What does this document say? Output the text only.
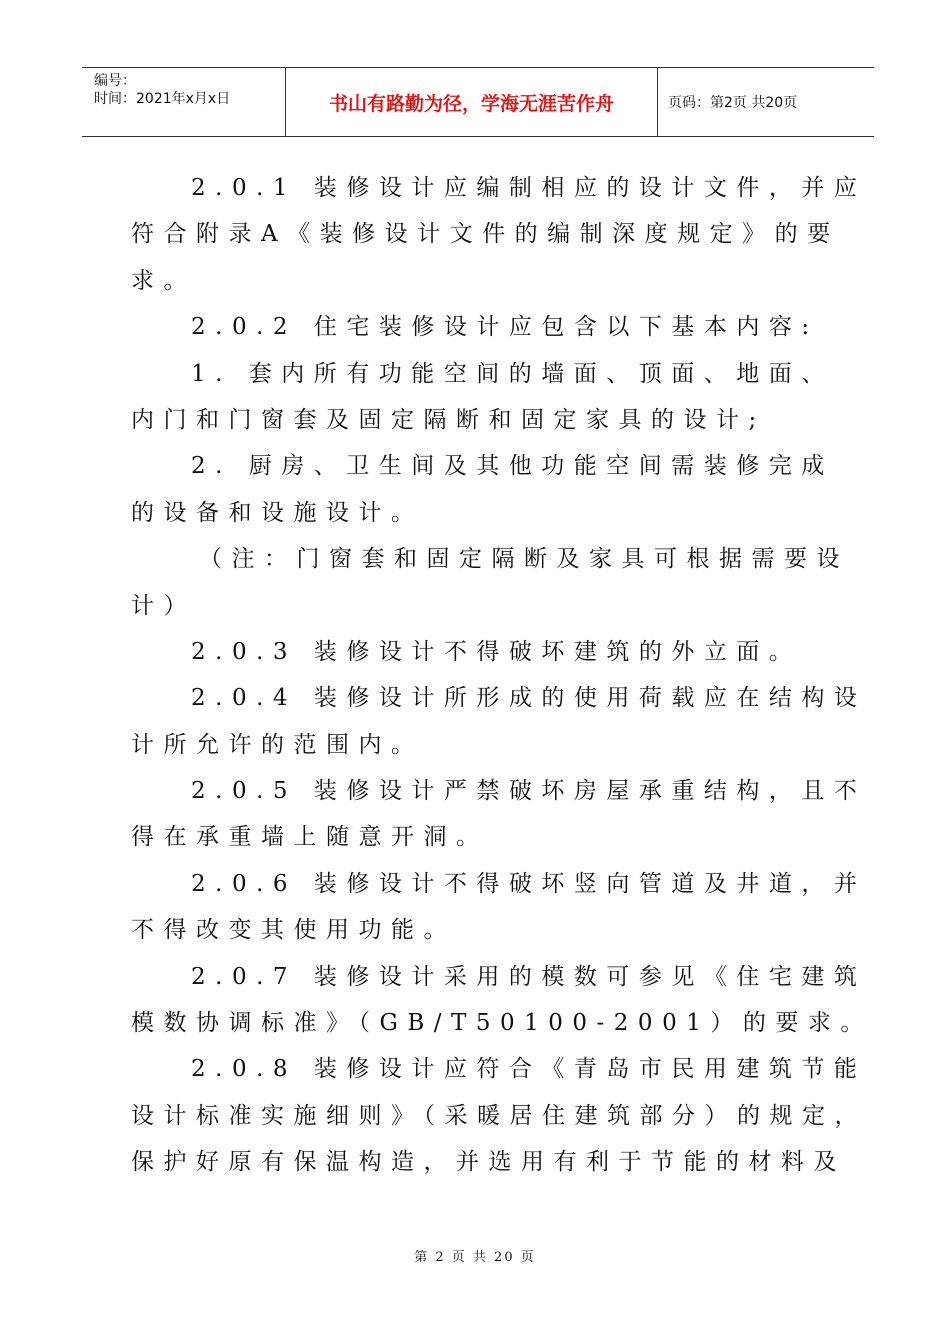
编号：
时间：2021年x月x日	书山有路勤为径，学海无涯苦作舟	页码：第2页 共20页
2.0.1 装修设计应编制相应的设计文件，并应
符合附录A《装修设计文件的编制深度规定》的要
求。
2.0.2 住宅装修设计应包含以下基本内容:
1. 套内所有功能空间的墙面、顶面、地面、
内门和门窗套及固定隔断和固定家具的设计;
2. 厨房、卫生间及其他功能空间需装修完成
的设备和设施设计。
（注：门窗套和固定隔断及家具可根据需要设
计）
2.0.3 装修设计不得破坏建筑的外立面。
2.0.4 装修设计所形成的使用荷载应在结构设
计所允许的范围内。
2.0.5 装修设计严禁破坏房屋承重结构，且不
得在承重墙上随意开洞。
2.0.6 装修设计不得破坏竖向管道及井道，并
不得改变其使用功能。
2.0.7 装修设计采用的模数可参见《住宅建筑
模数协调标准》（GB/T50100-2001）的要求。
2.0.8 装修设计应符合《青岛市民用建筑节能
设计标准实施细则》（采暖居住建筑部分）的规定，
保护好原有保温构造，并选用有利于节能的材料及
第 2 页 共 20 页
